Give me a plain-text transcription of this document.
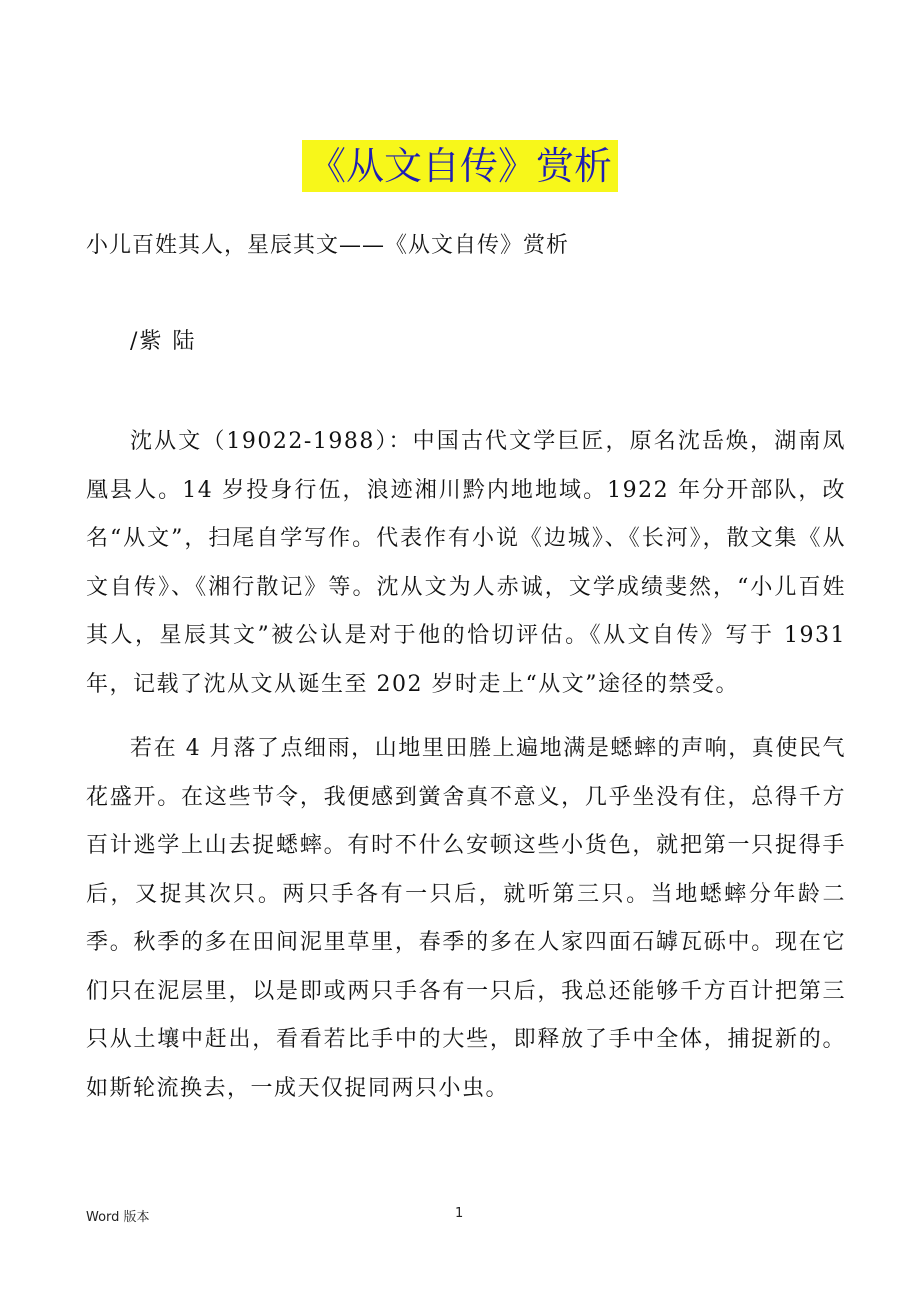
《从文自传》赏析
小儿百姓其人，星辰其文——《从文自传》赏析
/紫 陆

沈从文（19022-1988）：中国古代文学巨匠，原名沈岳焕，湖南凤凰县人。14 岁投身行伍，浪迹湘川黔内地地域。1922 年分开部队，改名“从文”，扫尾自学写作。代表作有小说《边城》、《长河》，散文集《从文自传》、《湘行散记》等。沈从文为人赤诚，文学成绩斐然，“小儿百姓其人，星辰其文”被公认是对于他的恰切评估。《从文自传》写于 1931 年，记载了沈从文从诞生至 202 岁时走上“从文”途径的禁受。

若在 4 月落了点细雨，山地里田塍上遍地满是蟋蟀的声响，真使民气花盛开。在这些节令，我便感到黉舍真不意义，几乎坐没有住，总得千方百计逃学上山去捉蟋蟀。有时不什么安顿这些小货色，就把第一只捉得手后，又捉其次只。两只手各有一只后，就听第三只。当地蟋蟀分年龄二季。秋季的多在田间泥里草里，春季的多在人家四面石罅瓦砾中。现在它们只在泥层里，以是即或两只手各有一只后，我总还能够千方百计把第三只从土壤中赶出，看看若比手中的大些，即释放了手中全体，捕捉新的。如斯轮流换去，一成天仅捉同两只小虫。

Word 版本	1
